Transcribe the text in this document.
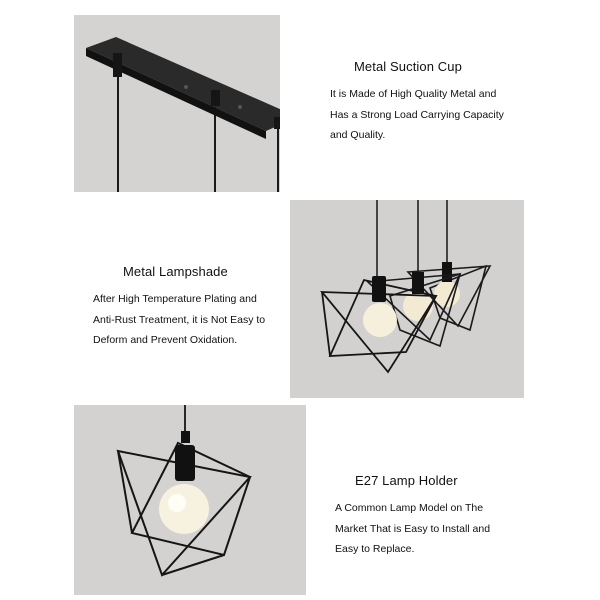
Metal Suction Cup

It is Made of High Quality Metal and
Has a Strong Load Carrying Capacity
and Quality.

Metal Lampshade

After High Temperature Plating and
Anti-Rust Treatment, it is Not Easy to
Deform and Prevent Oxidation.

E27 Lamp Holder

A Common Lamp Model on The
Market That is Easy to Install and
Easy to Replace.
